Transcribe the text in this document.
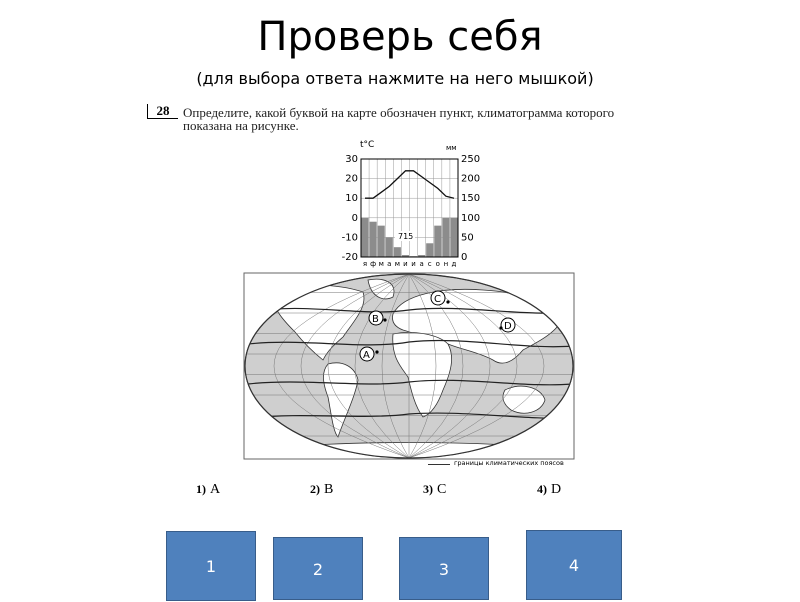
Проверь себя
(для выбора ответа нажмите на него мышкой)
28	Определите, какой буквой на карте обозначен пункт, климатограмма которого
показана на рисунке.
t°C	мм
30
20
10
0
-10
-20
250
200
150
100
50
0
я ф м а м и и а с о н д
715
A
B
C
D
границы климатических поясов
1) А	2) В	3) С	4) D
1	2	3	4
